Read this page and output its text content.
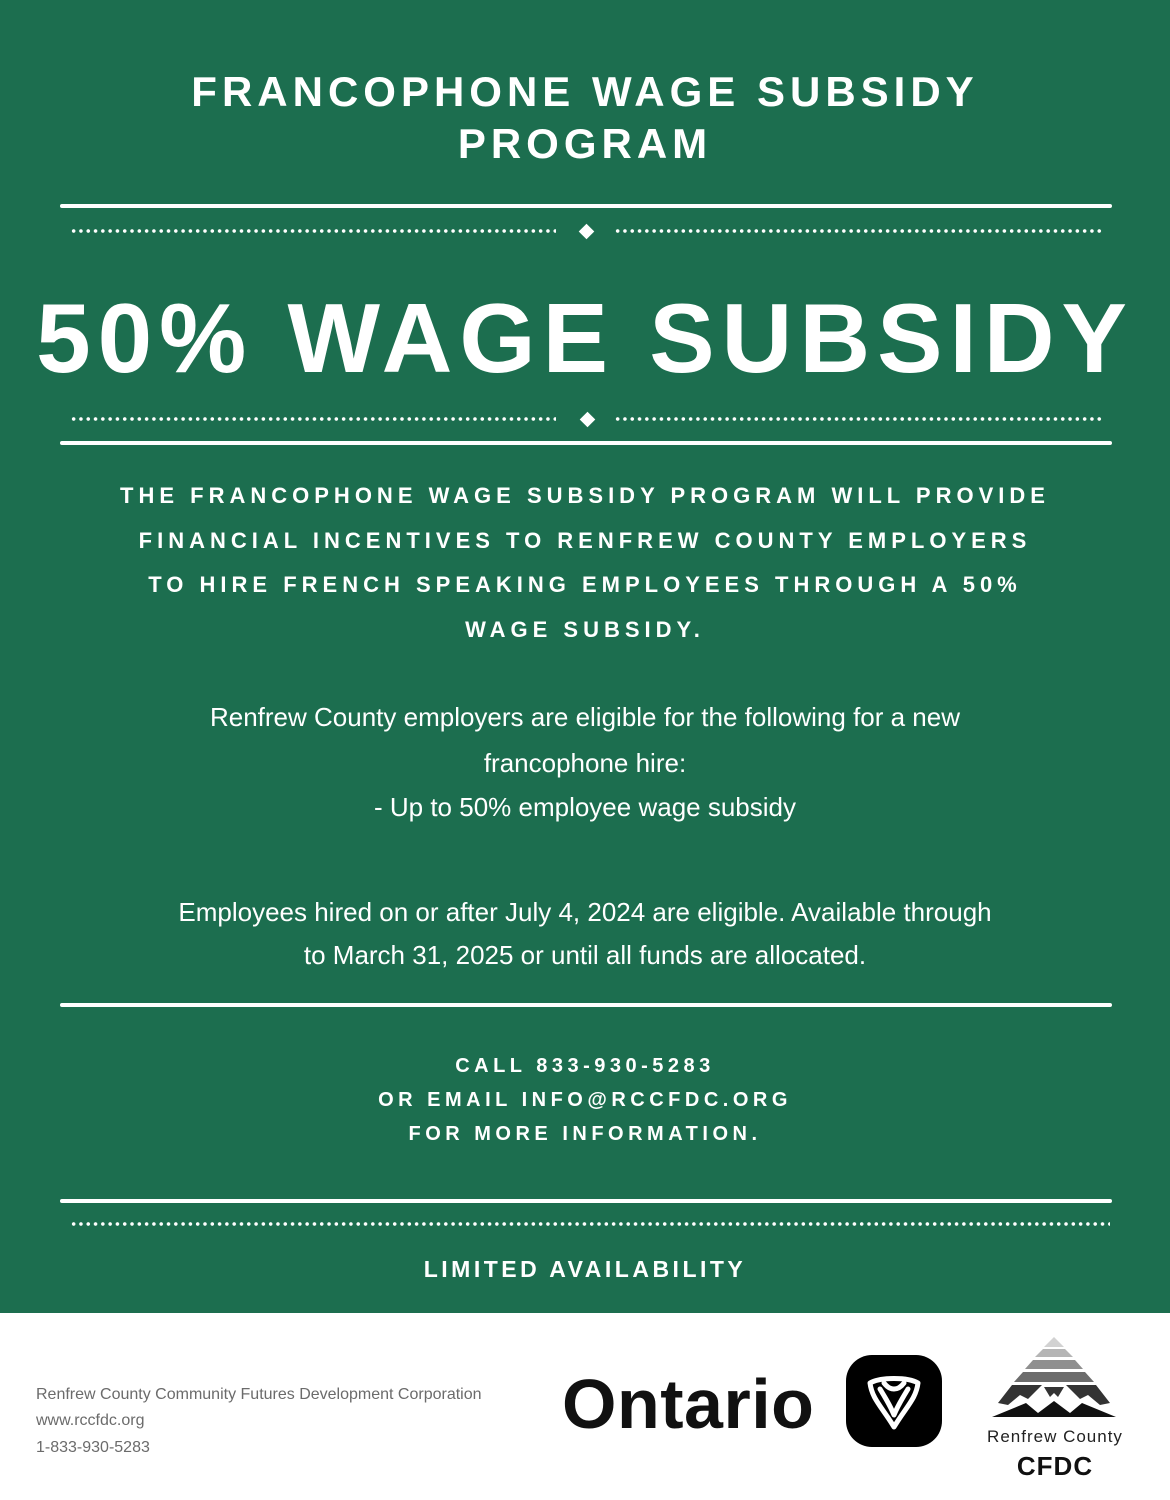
FRANCOPHONE WAGE SUBSIDY
PROGRAM
50% WAGE SUBSIDY
THE FRANCOPHONE WAGE SUBSIDY PROGRAM WILL PROVIDE
FINANCIAL INCENTIVES TO RENFREW COUNTY EMPLOYERS
TO HIRE FRENCH SPEAKING EMPLOYEES THROUGH A 50%
WAGE SUBSIDY.
Renfrew County employers are eligible for the following for a new
francophone hire:
- Up to 50% employee wage subsidy
Employees hired on or after July 4, 2024 are eligible. Available through
to March 31, 2025 or until all funds are allocated.
CALL 833-930-5283
OR EMAIL INFO@RCCFDC.ORG
FOR MORE INFORMATION.
LIMITED AVAILABILITY
Renfrew County Community Futures Development Corporation
www.rccfdc.org
1-833-930-5283
Ontario	Renfrew County
CFDC
